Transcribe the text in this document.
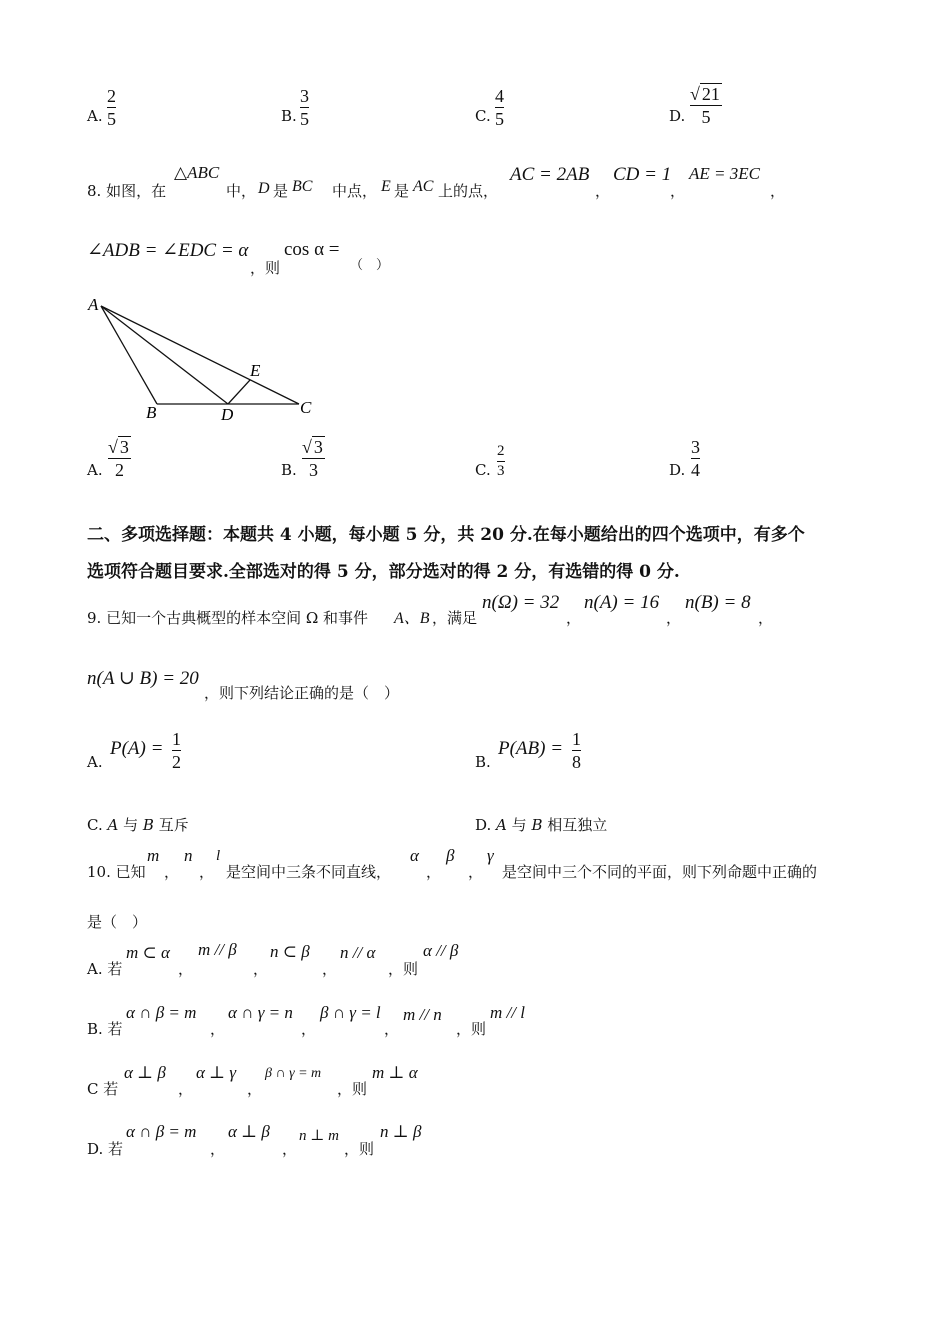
A.
2
5	B.
3
5	C.
4
5	D.
√ 21
5
8. 如图，在
△ABC
中， D 是 BC 中点， E 是 AC 上的点，
AC = 2AB
，
CD = 1
，
AE = 3EC
，
∠ADB = ∠EDC = α
，则
cos α =
（　）
A
B	D
E
C
A.
√ 3
2	B.
√ 3
3	C.
2
3	D.
3
4
二、多项选择题：本题共 4 小题，每小题 5 分，共 20 分.在每小题给出的四个选项中，有多个
选项符合题目要求.全部选对的得 5 分，部分选对的得 2 分，有选错的得 0 分.
9. 已知一个古典概型的样本空间 Ω 和事件 A、B ，满足
n(Ω) = 32
，
n(A) = 16
，
n(B) = 8
，
n(A ∪ B) = 20
，则下列结论正确的是（　）
A.
P(A) = 1
2	B.
P(AB) = 1
8
C. A 与 B 互斥	D. A 与 B 相互独立
10. 已知
m
，
n
，
l
是空间中三条不同直线，
α
，
β
，
γ
是空间中三个不同的平面，则下列命题中正确的
是（　）
A. 若
m ⊂ α
，
m // β
，
n ⊂ β
，
n // α
，则
α // β
B. 若
α ∩ β = m
，
α ∩ γ = n
，
β ∩ γ = l
，
m // n
，则
m // l
C 若
α ⊥ β
，
α ⊥ γ
，
β ∩ γ = m
，则
m ⊥ α
D. 若
α ∩ β = m
，
α ⊥ β
，
n ⊥ m
，则
n ⊥ β
